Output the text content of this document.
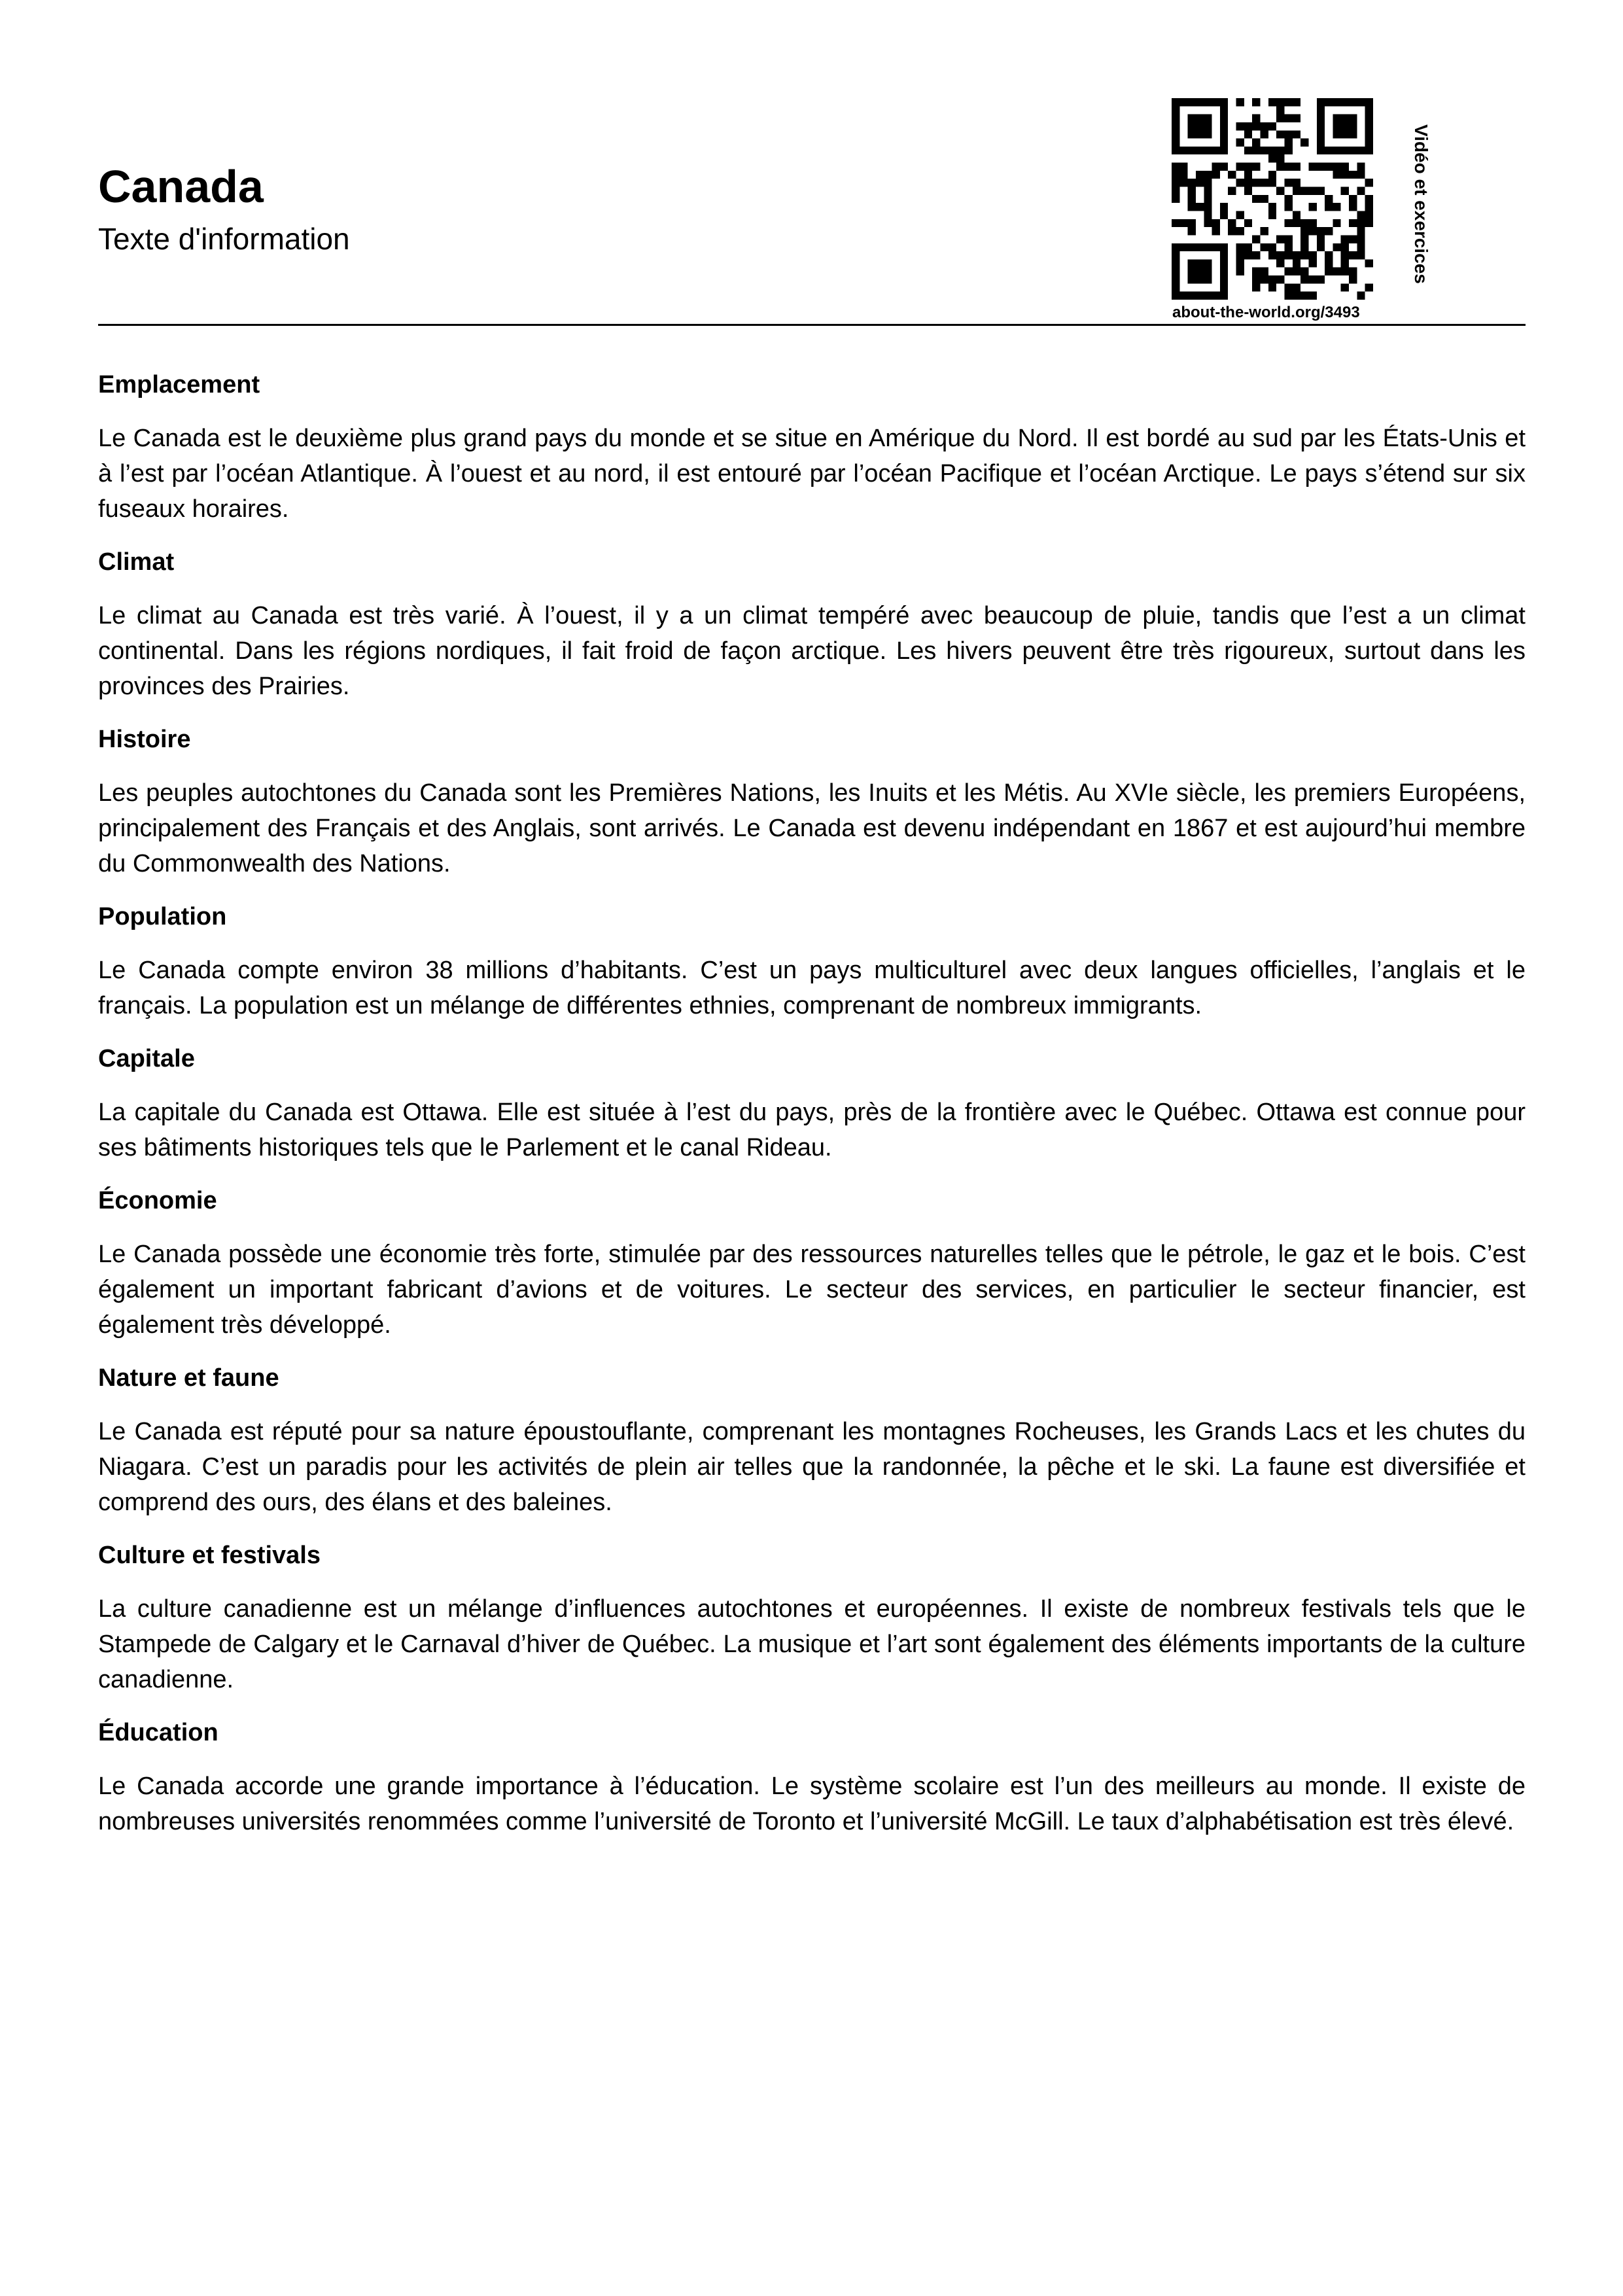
Canada
Texte d'information
about-the-world.org/3493
Vidéo et exercices
Emplacement

Le Canada est le deuxième plus grand pays du monde et se situe en Amérique du Nord. Il est bordé au sud par les États-Unis et à l’est par l’océan Atlantique. À l’ouest et au nord, il est entouré par l’océan Pacifique et l’océan Arctique. Le pays s’étend sur six fuseaux horaires.

Climat

Le climat au Canada est très varié. À l’ouest, il y a un climat tempéré avec beaucoup de pluie, tandis que l’est a un climat continental. Dans les régions nordiques, il fait froid de façon arctique. Les hivers peuvent être très rigoureux, surtout dans les provinces des Prairies.

Histoire

Les peuples autochtones du Canada sont les Premières Nations, les Inuits et les Métis. Au XVIe siècle, les premiers Européens, principalement des Français et des Anglais, sont arrivés. Le Canada est devenu indépendant en 1867 et est aujourd’hui membre du Commonwealth des Nations.

Population

Le Canada compte environ 38 millions d’habitants. C’est un pays multiculturel avec deux langues officielles, l’anglais et le français. La population est un mélange de différentes ethnies, comprenant de nombreux immigrants.

Capitale

La capitale du Canada est Ottawa. Elle est située à l’est du pays, près de la frontière avec le Québec. Ottawa est connue pour ses bâtiments historiques tels que le Parlement et le canal Rideau.

Économie

Le Canada possède une économie très forte, stimulée par des ressources naturelles telles que le pétrole, le gaz et le bois. C’est également un important fabricant d’avions et de voitures. Le secteur des services, en particulier le secteur financier, est également très développé.

Nature et faune

Le Canada est réputé pour sa nature époustouflante, comprenant les montagnes Rocheuses, les Grands Lacs et les chutes du Niagara. C’est un paradis pour les activités de plein air telles que la randonnée, la pêche et le ski. La faune est diversifiée et comprend des ours, des élans et des baleines.

Culture et festivals

La culture canadienne est un mélange d’influences autochtones et européennes. Il existe de nombreux festivals tels que le Stampede de Calgary et le Carnaval d’hiver de Québec. La musique et l’art sont également des éléments importants de la culture canadienne.

Éducation

Le Canada accorde une grande importance à l’éducation. Le système scolaire est l’un des meilleurs au monde. Il existe de nombreuses universités renommées comme l’université de Toronto et l’université McGill. Le taux d’alphabétisation est très élevé.
